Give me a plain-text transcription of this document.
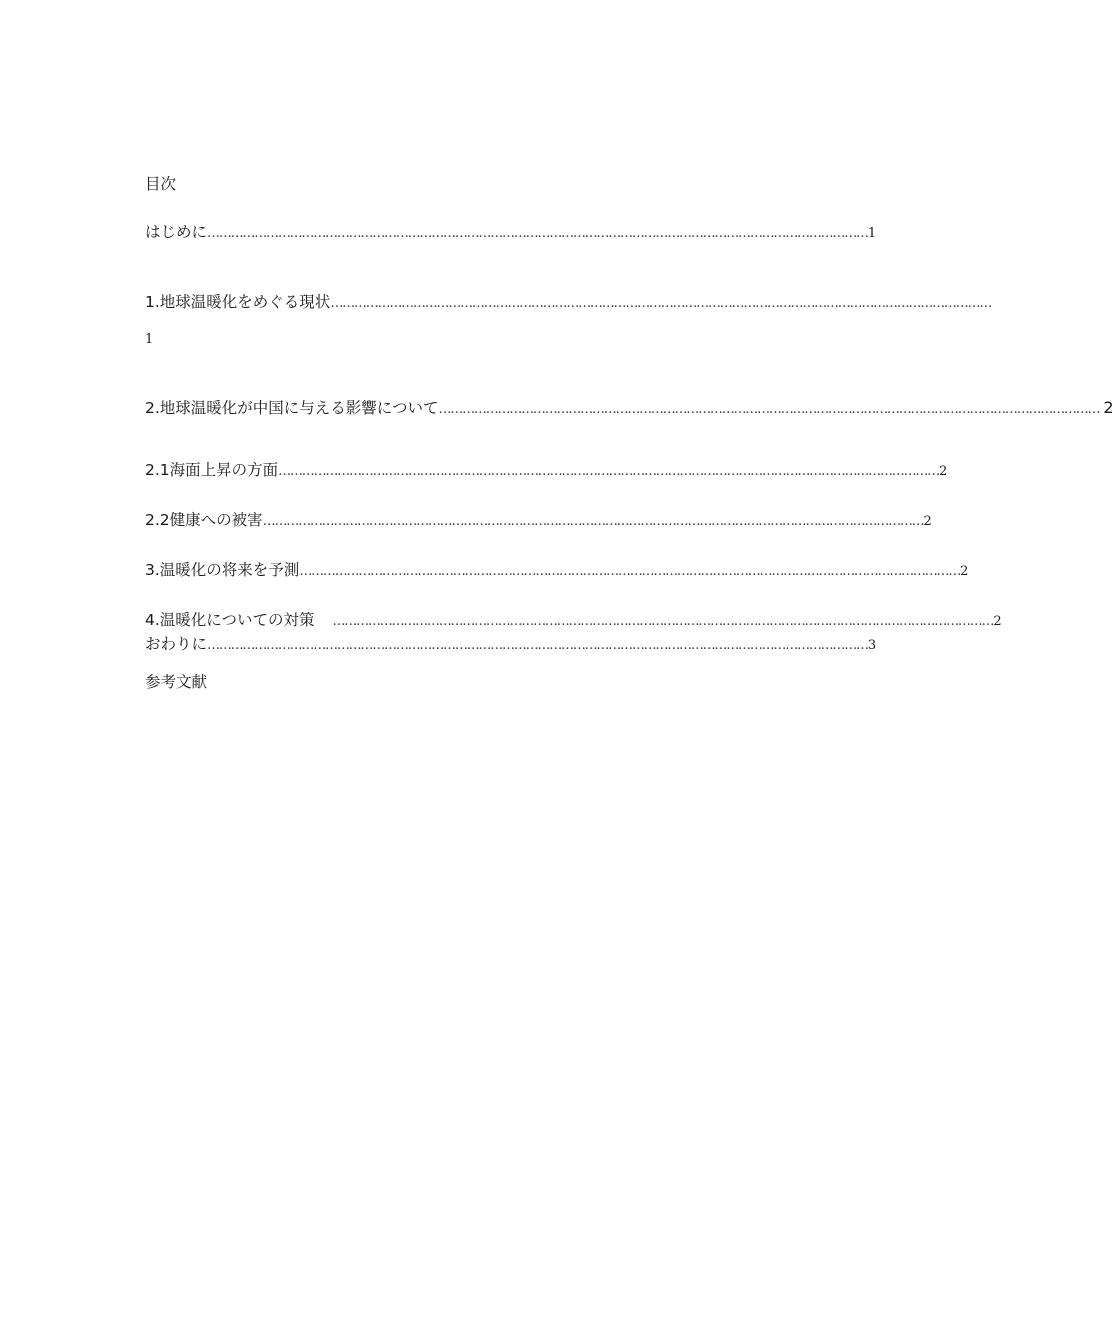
目次
はじめに …………………………………………………………………………………………………………………………………………………… 1
1. 地球温暖化をめぐる現状 ……………………………………………………………………………………………………………………………………………………
1
2. 地球温暖化が中国に与える影響について …………………………………………………………………………………………………………………………………………………… 2
2.1 海面上昇の方面 …………………………………………………………………………………………………………………………………………………… 2
2.2 健康への被害 …………………………………………………………………………………………………………………………………………………… 2
3. 温暖化の将来を予測 …………………………………………………………………………………………………………………………………………………… 2
4. 温暖化についての対策 …………………………………………………………………………………………………………………………………………………… 2
おわりに …………………………………………………………………………………………………………………………………………………… 3
参考文献
